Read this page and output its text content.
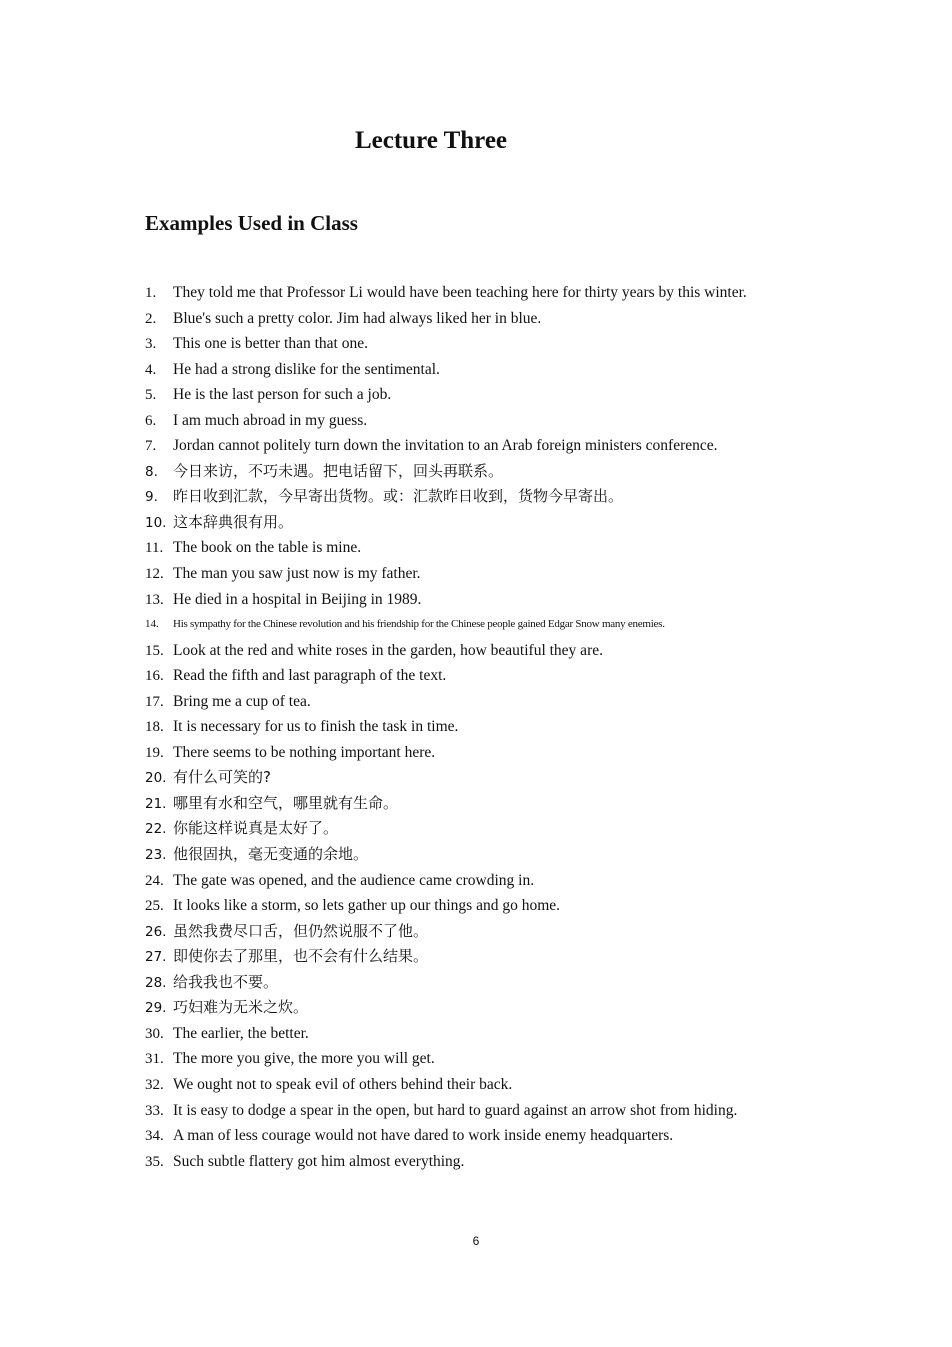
Lecture Three
Examples Used in Class
1.	They told me that Professor Li would have been teaching here for thirty years by this winter.
2.	Blue's such a pretty color. Jim had always liked her in blue.
3.	This one is better than that one.
4.	He had a strong dislike for the sentimental.
5.	He is the last person for such a job.
6.	I am much abroad in my guess.
7.	Jordan cannot politely turn down the invitation to an Arab foreign ministers conference.
8.	今日来访，不巧未遇。把电话留下，回头再联系。
9.	昨日收到汇款，今早寄出货物。或：汇款昨日收到，货物今早寄出。
10. 这本辞典很有用。
11. The book on the table is mine.
12. The man you saw just now is my father.
13. He died in a hospital in Beijing in 1989.
14.	His sympathy for the Chinese revolution and his friendship for the Chinese people gained Edgar Snow many enemies.
15. Look at the red and white roses in the garden, how beautiful they are.
16. Read the fifth and last paragraph of the text.
17. Bring me a cup of tea.
18. It is necessary for us to finish the task in time.
19. There seems to be nothing important here.
20. 有什么可笑的?
21. 哪里有水和空气，哪里就有生命。
22. 你能这样说真是太好了。
23. 他很固执，毫无变通的余地。
24. The gate was opened, and the audience came crowding in.
25. It looks like a storm, so lets gather up our things and go home.
26. 虽然我费尽口舌，但仍然说服不了他。
27. 即使你去了那里，也不会有什么结果。
28. 给我我也不要。
29. 巧妇难为无米之炊。
30. The earlier, the better.
31. The more you give, the more you will get.
32. We ought not to speak evil of others behind their back.
33. It is easy to dodge a spear in the open, but hard to guard against an arrow shot from hiding.
34. A man of less courage would not have dared to work inside enemy headquarters.
35. Such subtle flattery got him almost everything.
6
